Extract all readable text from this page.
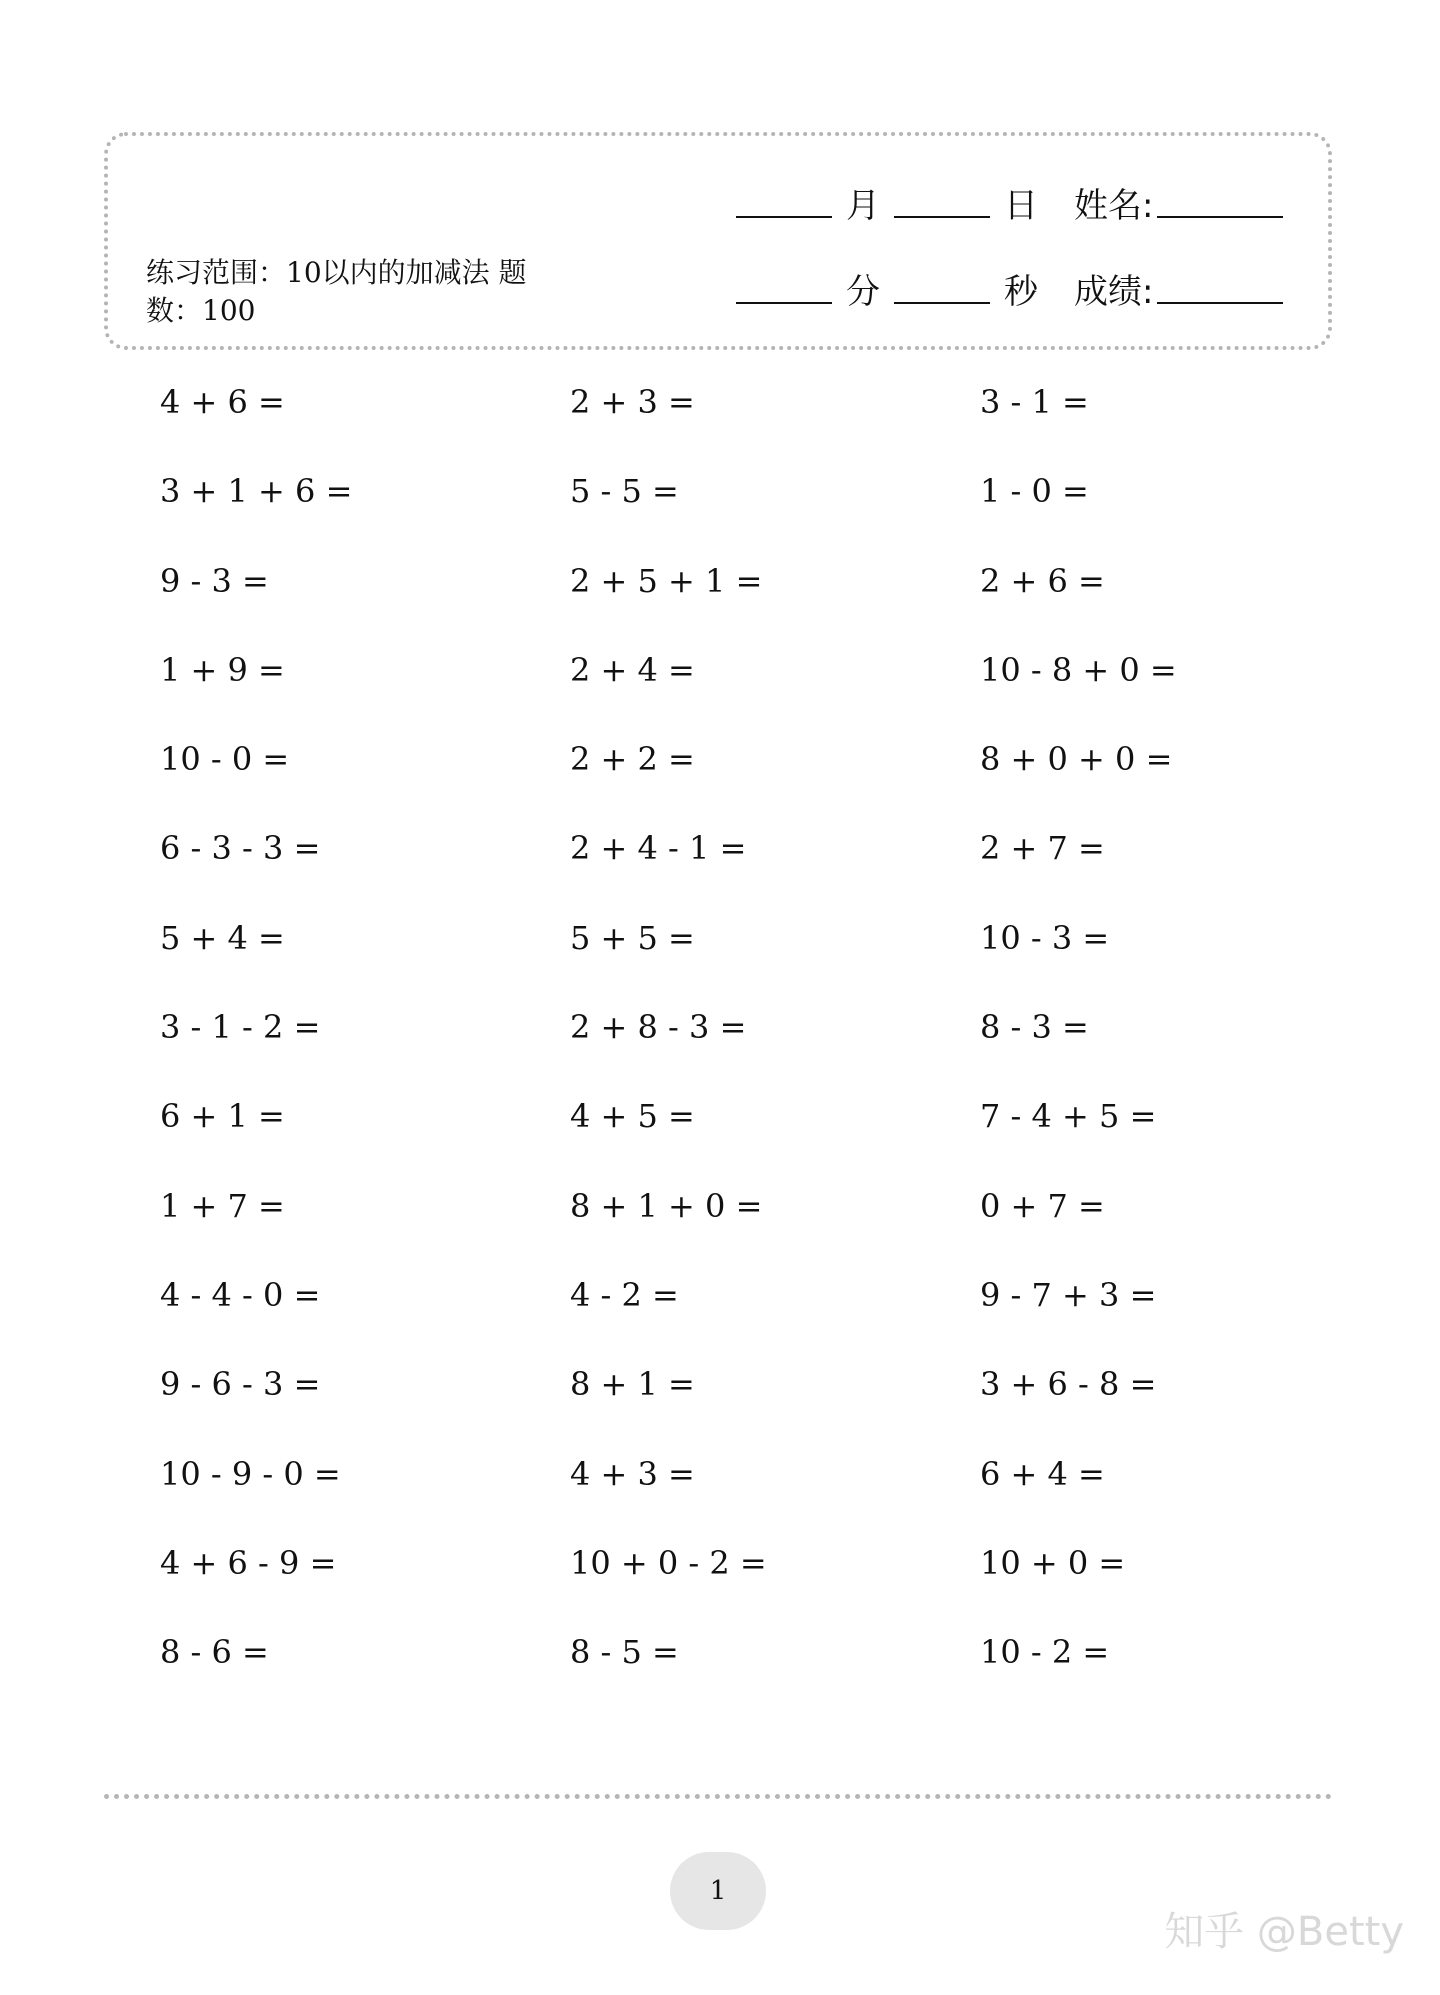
练习范围：10以内的加减法 题数：100
月	日 姓名:
分	秒 成绩:
4 + 6 =	2 + 3 =	3 - 1 =
3 + 1 + 6 =	5 - 5 =	1 - 0 =
9 - 3 =	2 + 5 + 1 =	2 + 6 =
1 + 9 =	2 + 4 =	10 - 8 + 0 =
10 - 0 =	2 + 2 =	8 + 0 + 0 =
6 - 3 - 3 =	2 + 4 - 1 =	2 + 7 =
5 + 4 =	5 + 5 =	10 - 3 =
3 - 1 - 2 =	2 + 8 - 3 =	8 - 3 =
6 + 1 =	4 + 5 =	7 - 4 + 5 =
1 + 7 =	8 + 1 + 0 =	0 + 7 =
4 - 4 - 0 =	4 - 2 =	9 - 7 + 3 =
9 - 6 - 3 =	8 + 1 =	3 + 6 - 8 =
10 - 9 - 0 =	4 + 3 =	6 + 4 =
4 + 6 - 9 =	10 + 0 - 2 =	10 + 0 =
8 - 6 =	8 - 5 =	10 - 2 =
1
知乎 @Betty
